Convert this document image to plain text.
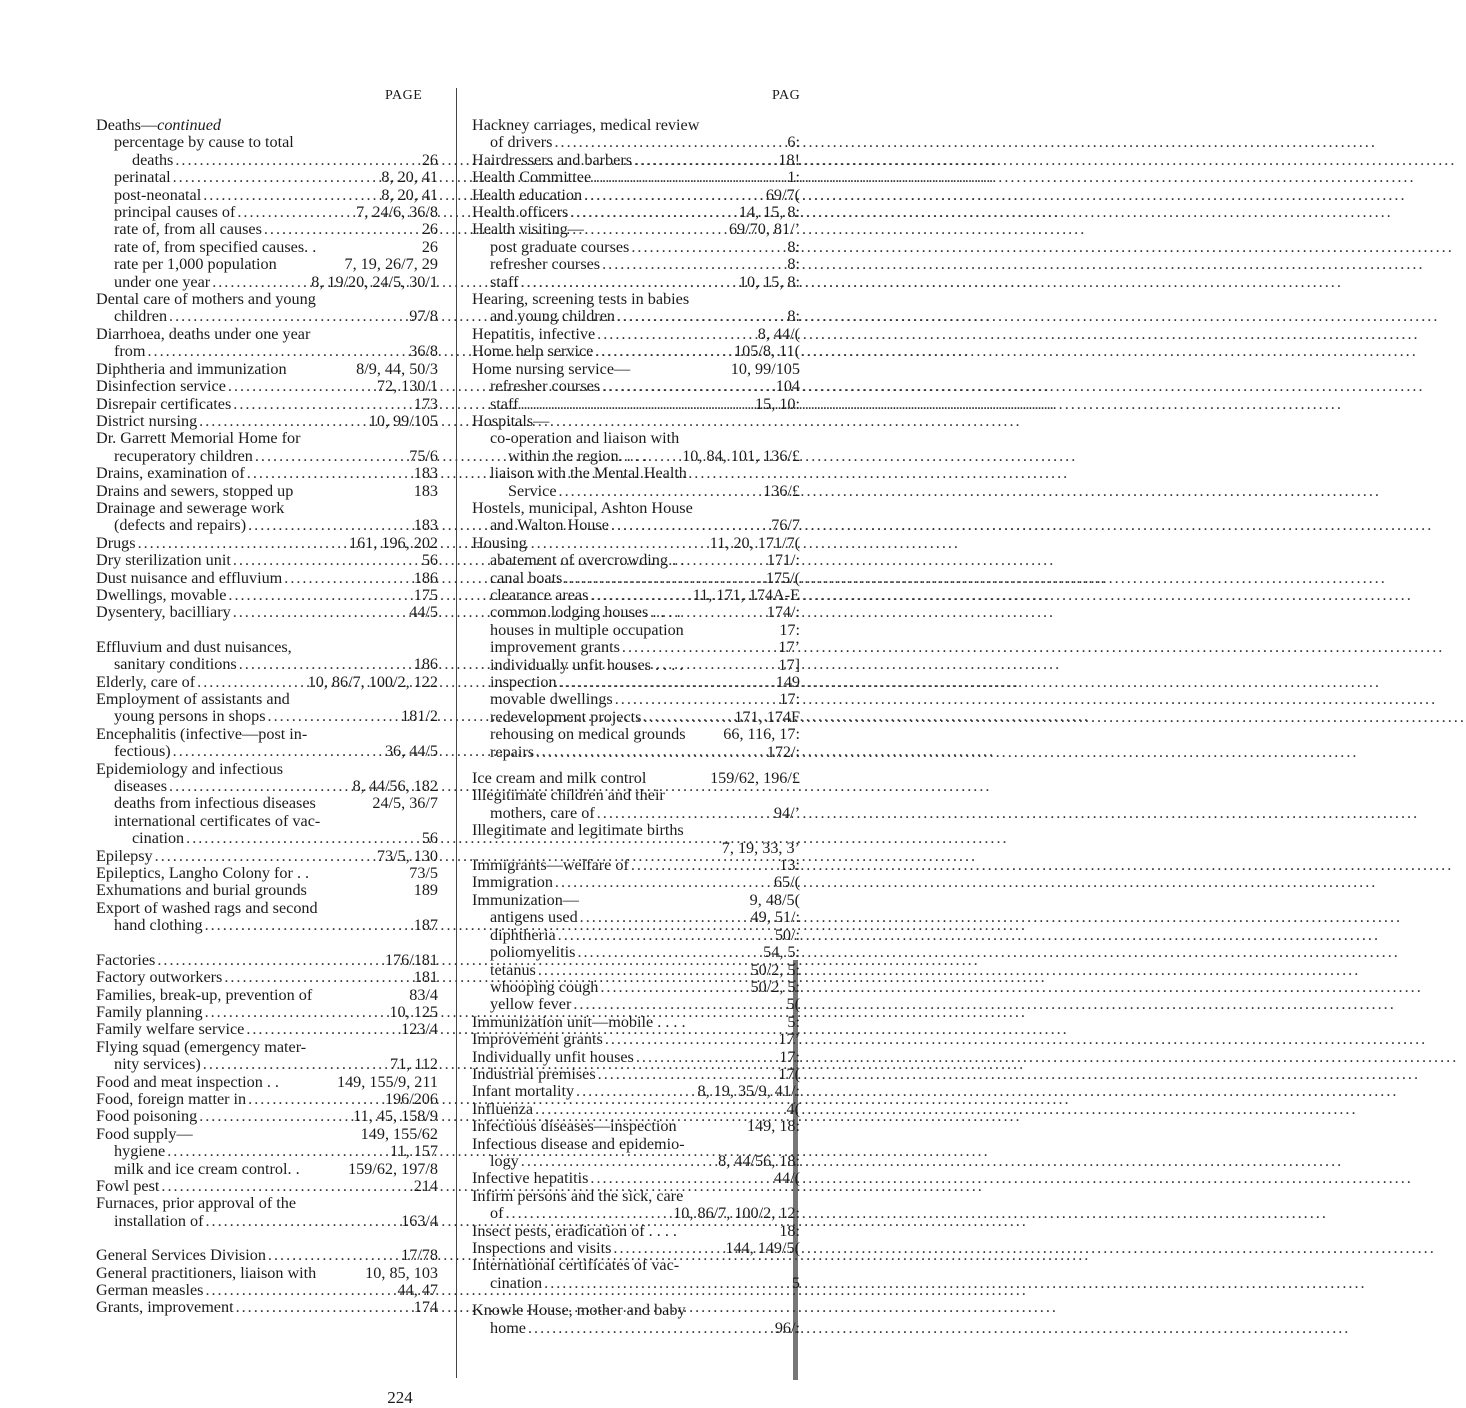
PAGE	PAG
Deaths—continued
percentage by cause to total
deaths .....	26
perinatal .....	8, 20, 41
post-neonatal .....	8, 20, 41
principal causes of .....	7, 24/6, 36/8
rate of, from all causes .....	26
rate of, from specified causes. .	26
rate per 1,000 population	7, 19, 26/7, 29
under one year .....	8, 19/20, 24/5, 30/1
Dental care of mothers and young
children .....	97/8
Diarrhoea, deaths under one year
from .....	36/8
Diphtheria and immunization	8/9, 44, 50/3
Disinfection service .....	72, 130/1
Disrepair certificates .....	173
District nursing .....	10, 99/105
Dr. Garrett Memorial Home for
recuperatory children .....	75/6
Drains, examination of .....	183
Drains and sewers, stopped up	183
Drainage and sewerage work
(defects and repairs) .....	183
Drugs .....	161, 196, 202
Dry sterilization unit .....	56
Dust nuisance and effluvium .....	186
Dwellings, movable .....	175
Dysentery, bacilliary .....	44/5
Effluvium and dust nuisances,
sanitary conditions .....	186
Elderly, care of .....	10, 86/7, 100/2, 122
Employment of assistants and
young persons in shops .....	181/2
Encephalitis (infective—post in-
fectious) .....	36, 44/5
Epidemiology and infectious
diseases .....	8, 44/56, 182
deaths from infectious diseases	24/5, 36/7
international certificates of vac-
cination .....	56
Epilepsy .....	73/5, 130
Epileptics, Langho Colony for . .	73/5
Exhumations and burial grounds	189
Export of washed rags and second
hand clothing .....	187
Factories .....	176/181
Factory outworkers .....	181
Families, break-up, prevention of	83/4
Family planning .....	10, 125
Family welfare service .....	123/4
Flying squad (emergency mater-
nity services) .....	71, 112
Food and meat inspection . .	149, 155/9, 211
Food, foreign matter in .....	196/206
Food poisoning .....	11, 45, 158/9
Food supply—	149, 155/62
hygiene .....	11, 157
milk and ice cream control. .	159/62, 197/8
Fowl pest .....	214
Furnaces, prior approval of the
installation of .....	163/4
General Services Division .....	17/78
General practitioners, liaison with	10, 85, 103
German measles .....	44, 47
Grants, improvement .....	174
Hackney carriages, medical review
of drivers .....	6:
Hairdressers and barbers .....	18!
Health Committee .....	1:
Health education .....	69/7(
Health officers .....	14, 15, 8:
Health visiting—	69/70, 81/’
post graduate courses .....	8:
refresher courses .....	8:
staff .....	10, 15, 8:
Hearing, screening tests in babies
and young children .....	8:
Hepatitis, infective .....	8, 44/(
Home help service .....	105/8, 11(
Home nursing service—	10, 99/105
refresher courses .....	104
staff .....	15, 10:
Hospitals—
co-operation and liaison with
within the region. . . . 10, 84, 101, 136/£
liaison with the Mental Health
Service .....	136/£
Hostels, municipal, Ashton House
and Walton House .....	76/7
Housing	11, 20, 171/7(
abatement of overcrowding . .	171/:
canal boats .....	175/(
clearance areas .....	11, 171, 174A-E
common lodging houses . . . .	174/:
houses in multiple occupation	17:
improvement grants .....	17’
individually unfit houses . . . .	17]
inspection .....	149
movable dwellings .....	17:
redevelopment projects .....	171, 174F
rehousing on medical grounds 66, 116, 17:
repairs .....	172/:
Ice cream and milk control	159/62, 196/£
Illegitimate children and their
mothers, care of .....	94/’
Illegitimate and legitimate births
7, 19, 33, 3’
Immigrants—welfare of .....	13:
Immigration .....	65/(
Immunization—	9, 48/5(
antigens used .....	49, 51/:
diphtheria .....	50/:
poliomyelitis .....	54, 5:
tetanus .....	50/2, 5:
whooping cough .....	50/2, 5:
yellow fever .....	5(
Immunization unit—mobile . . . .	5:
Improvement grants .....	17’
Individually unfit houses .....	17:
Industrial premises .....	17(
Infant mortality .....	8, 19, 35/9, 41/:
Influenza .....	4(
Infectious diseases—inspection	149, 18:
Infectious disease and epidemio-
logy .....	8, 44/56, 18:
Infective hepatitis .....	44/(
Infirm persons and the sick, care
of .....	10, 86/7, 100/2, 12:
Insect pests, eradication of . . . .	18:
Inspections and visits .....	144, 149/5(
International certificates of vac-
cination .....	5
Knowle House, mother and baby
home .....	96/:
224
